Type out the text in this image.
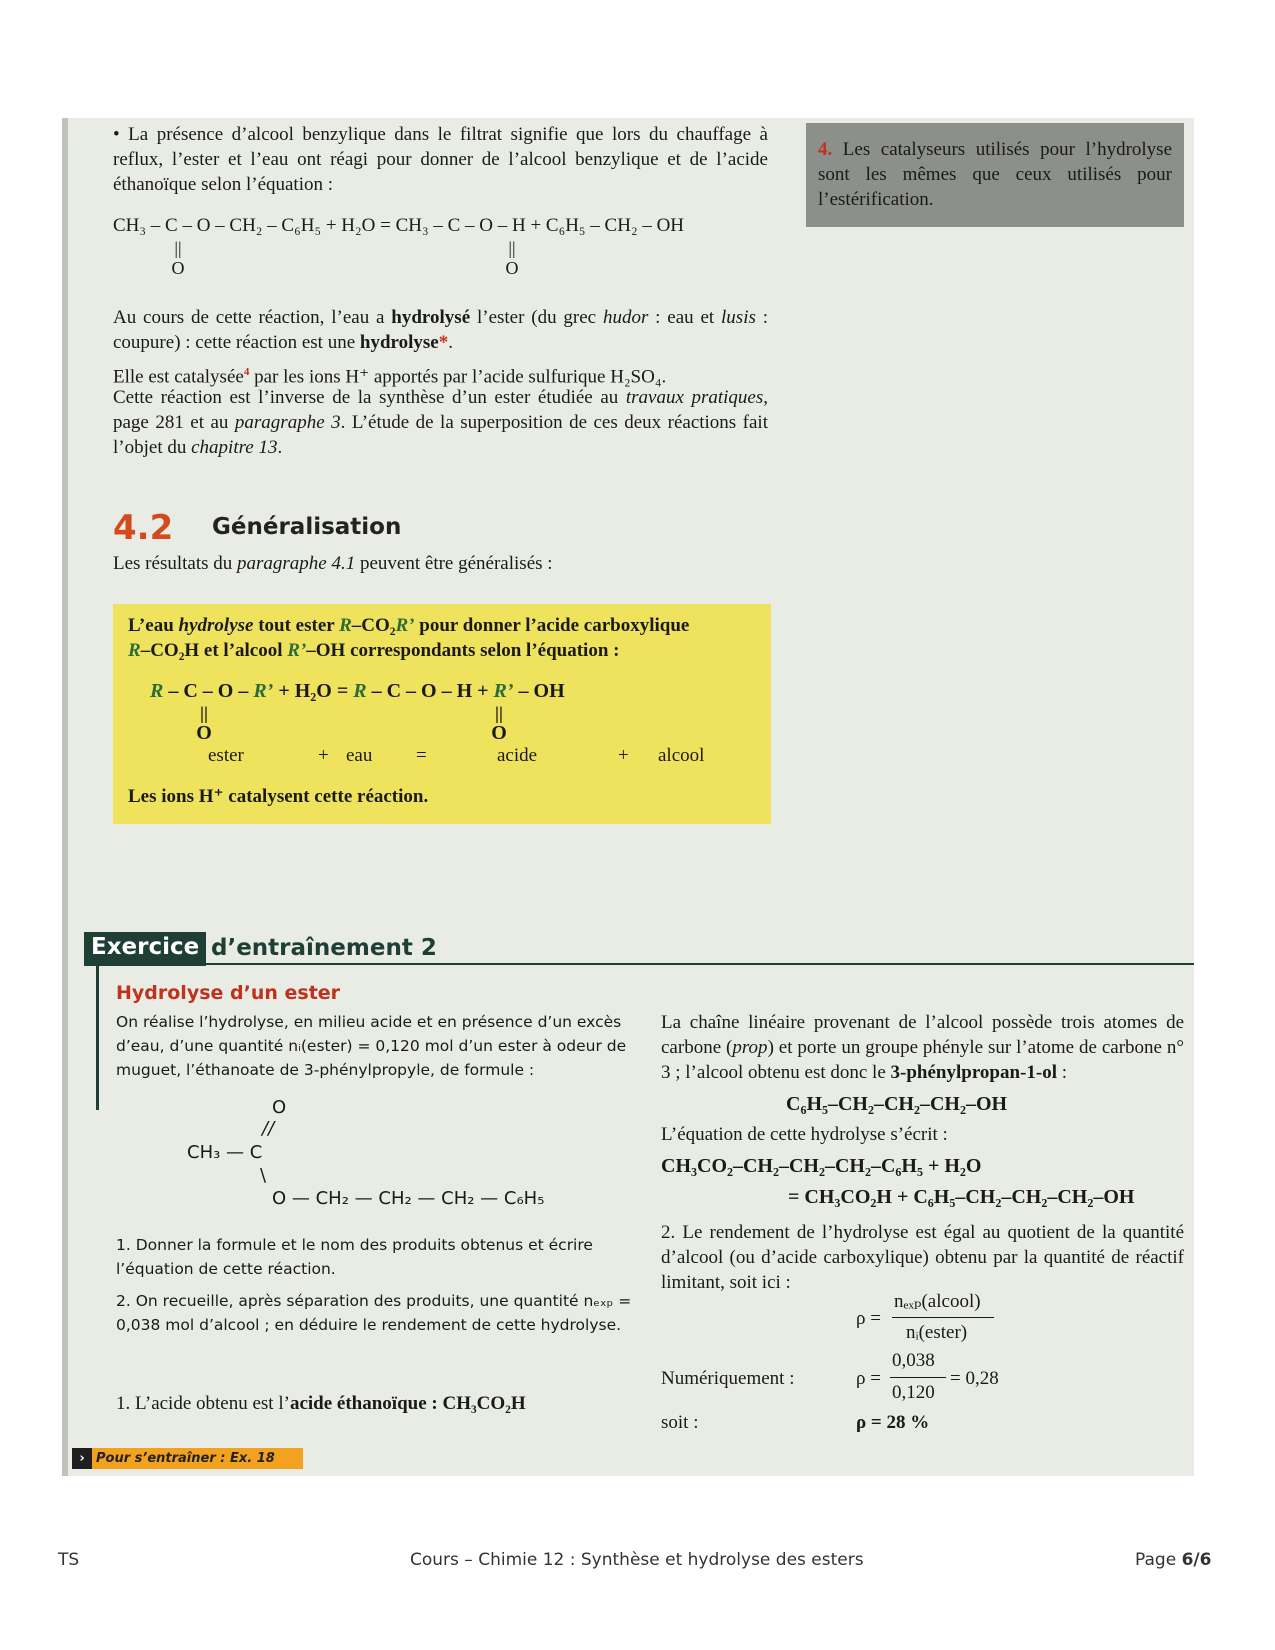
• La présence d’alcool benzylique dans le filtrat signifie que lors du chauffage à reflux, l’ester et l’eau ont réagi pour donner de l’alcool benzylique et de l’acide éthanoïque selon l’équation :
CH₃ – C – O – CH₂ – C₆H₅ + H₂O = CH₃ – C – O – H + C₆H₅ – CH₂ – OH
||
O
||
O
4. Les catalyseurs utilisés pour l’hydrolyse sont les mêmes que ceux utilisés pour l’estérification.
Au cours de cette réaction, l’eau a hydrolysé l’ester (du grec hudor : eau et lusis : coupure) : cette réaction est une hydrolyse*.
Elle est catalysée$^4$ par les ions H⁺ apportés par l’acide sulfurique H₂SO₄.
Cette réaction est l’inverse de la synthèse d’un ester étudiée au travaux pratiques, page 281 et au paragraphe 3. L’étude de la superposition de ces deux réactions fait l’objet du chapitre 13.
4.2 Généralisation
Les résultats du paragraphe 4.1 peuvent être généralisés :
L’eau hydrolyse tout ester R–CO₂R’ pour donner l’acide carboxylique
R–CO₂H et l’alcool R’–OH correspondants selon l’équation :
R – C – O – R’ + H₂O = R – C – O – H + R’ – OH
||
O
||
O
ester	+ eau =	acide	+ alcool
Les ions H⁺ catalysent cette réaction.
Exercice d’entraînement 2
Hydrolyse d’un ester
On réalise l’hydrolyse, en milieu acide et en présence d’un excès d’eau, d’une quantité nᵢ(ester) = 0,120 mol d’un ester à odeur de muguet, l’éthanoate de 3-phénylpropyle, de formule :
O
//
CH₃ — C
\
O — CH₂ — CH₂ — CH₂ — C₆H₅
1. Donner la formule et le nom des produits obtenus et écrire l’équation de cette réaction.
2. On recueille, après séparation des produits, une quantité nₑₓₚ = 0,038 mol d’alcool ; en déduire le rendement de cette hydrolyse.
1. L’acide obtenu est l’acide éthanoïque : CH₃CO₂H
› Pour s’entraîner : Ex. 18
La chaîne linéaire provenant de l’alcool possède trois atomes de carbone (prop) et porte un groupe phényle sur l’atome de carbone n° 3 ; l’alcool obtenu est donc le 3-phénylpropan-1-ol :
C₆H₅–CH₂–CH₂–CH₂–OH
L’équation de cette hydrolyse s’écrit :
CH₃CO₂–CH₂–CH₂–CH₂–C₆H₅ + H₂O
= CH₃CO₂H + C₆H₅–CH₂–CH₂–CH₂–OH
2. Le rendement de l’hydrolyse est égal au quotient de la quantité d’alcool (ou d’acide carboxylique) obtenu par la quantité de réactif limitant, soit ici :
ρ =
nₑₓₚ(alcool)
nᵢ(ester)
Numériquement :	ρ =
0,038
0,120
= 0,28
soit :	ρ = 28 %
TS	Cours – Chimie 12 : Synthèse et hydrolyse des esters	Page 6/6
